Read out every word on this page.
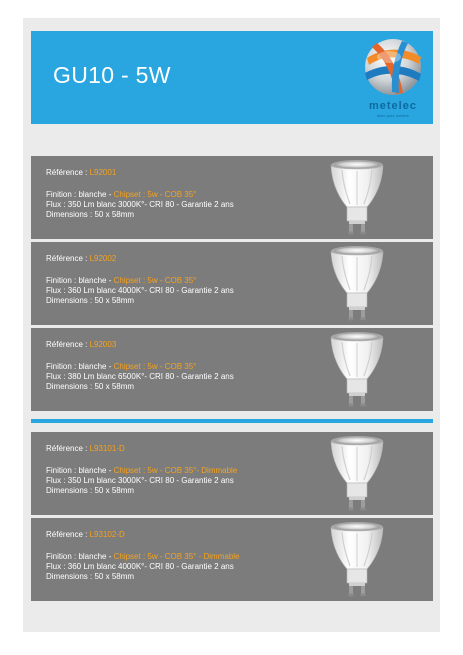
GU10 - 5W
metelec
déco pour lumière
Référence : L92001
Finition : blanche - Chipset : 5w - COB 35°
Flux : 350 Lm blanc 3000K°- CRI 80 - Garantie 2 ans
Dimensions : 50 x 58mm
Référence : L92002
Finition : blanche - Chipset : 5w - COB 35°
Flux : 360 Lm blanc 4000K°- CRI 80 - Garantie 2 ans
Dimensions : 50 x 58mm
Référence : L92003
Finition : blanche - Chipset : 5w - COB 35°
Flux : 380 Lm blanc 6500K°- CRI 80 - Garantie 2 ans
Dimensions : 50 x 58mm
Référence : L93101-D
Finition : blanche - Chipset : 5w - COB 35°- Dimmable
Flux : 350 Lm blanc 3000K°- CRI 80 - Garantie 2 ans
Dimensions : 50 x 58mm
Référence : L93102-D
Finition : blanche - Chipset : 5w - COB 35° - Dimmable
Flux : 360 Lm blanc 4000K°- CRI 80 - Garantie 2 ans
Dimensions : 50 x 58mm
